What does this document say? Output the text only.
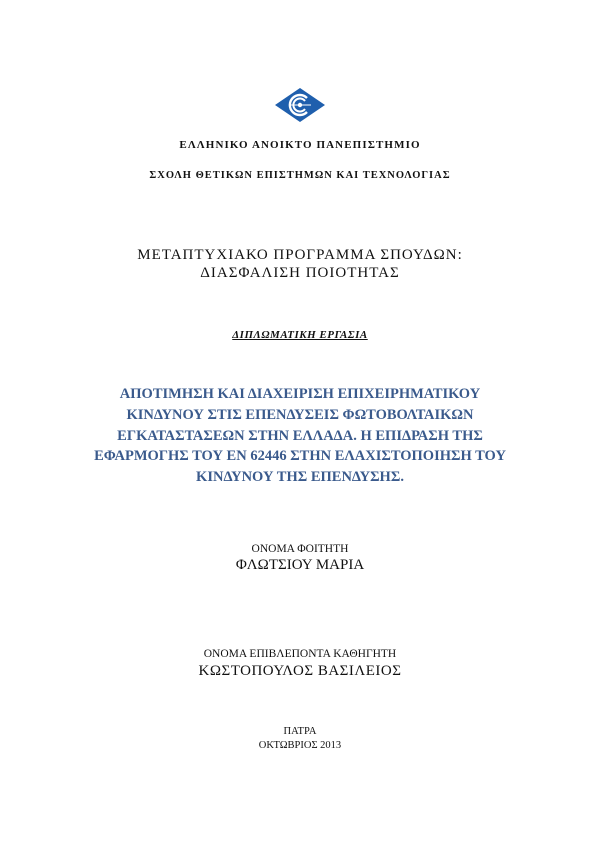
ΕΛΛΗΝΙΚΟ ΑΝΟΙΚΤΟ ΠΑΝΕΠΙΣΤΗΜΙΟ
ΣΧΟΛΗ ΘΕΤΙΚΩΝ ΕΠΙΣΤΗΜΩΝ ΚΑΙ ΤΕΧΝΟΛΟΓΙΑΣ
ΜΕΤΑΠΤΥΧΙΑΚΟ ΠΡΟΓΡΑΜΜΑ ΣΠΟΥΔΩΝ:
ΔΙΑΣΦΑΛΙΣΗ ΠΟΙΟΤΗΤΑΣ
ΔΙΠΛΩΜΑΤΙΚΗ ΕΡΓΑΣΙΑ
ΑΠΟΤΙΜΗΣΗ ΚΑΙ ΔΙΑΧΕΙΡΙΣΗ ΕΠΙΧΕΙΡΗΜΑΤΙΚΟΥ
ΚΙΝΔΥΝΟΥ ΣΤΙΣ ΕΠΕΝΔΥΣΕΙΣ ΦΩΤΟΒΟΛΤΑΙΚΩΝ
ΕΓΚΑΤΑΣΤΑΣΕΩΝ ΣΤΗΝ ΕΛΛΑΔΑ. Η ΕΠΙΔΡΑΣΗ ΤΗΣ
ΕΦΑΡΜΟΓΗΣ ΤΟΥ ΕΝ 62446 ΣΤΗΝ ΕΛΑΧΙΣΤΟΠΟΙΗΣΗ ΤΟΥ
ΚΙΝΔΥΝΟΥ ΤΗΣ ΕΠΕΝΔΥΣΗΣ.
ΟΝΟΜΑ ΦΟΙΤΗΤΗ
ΦΛΩΤΣΙΟΥ ΜΑΡΙΑ
ΟΝΟΜΑ ΕΠΙΒΛΕΠΟΝΤΑ ΚΑΘΗΓΗΤΗ
ΚΩΣΤΟΠΟΥΛΟΣ ΒΑΣΙΛΕΙΟΣ
ΠΑΤΡΑ
ΟΚΤΩΒΡΙΟΣ 2013
